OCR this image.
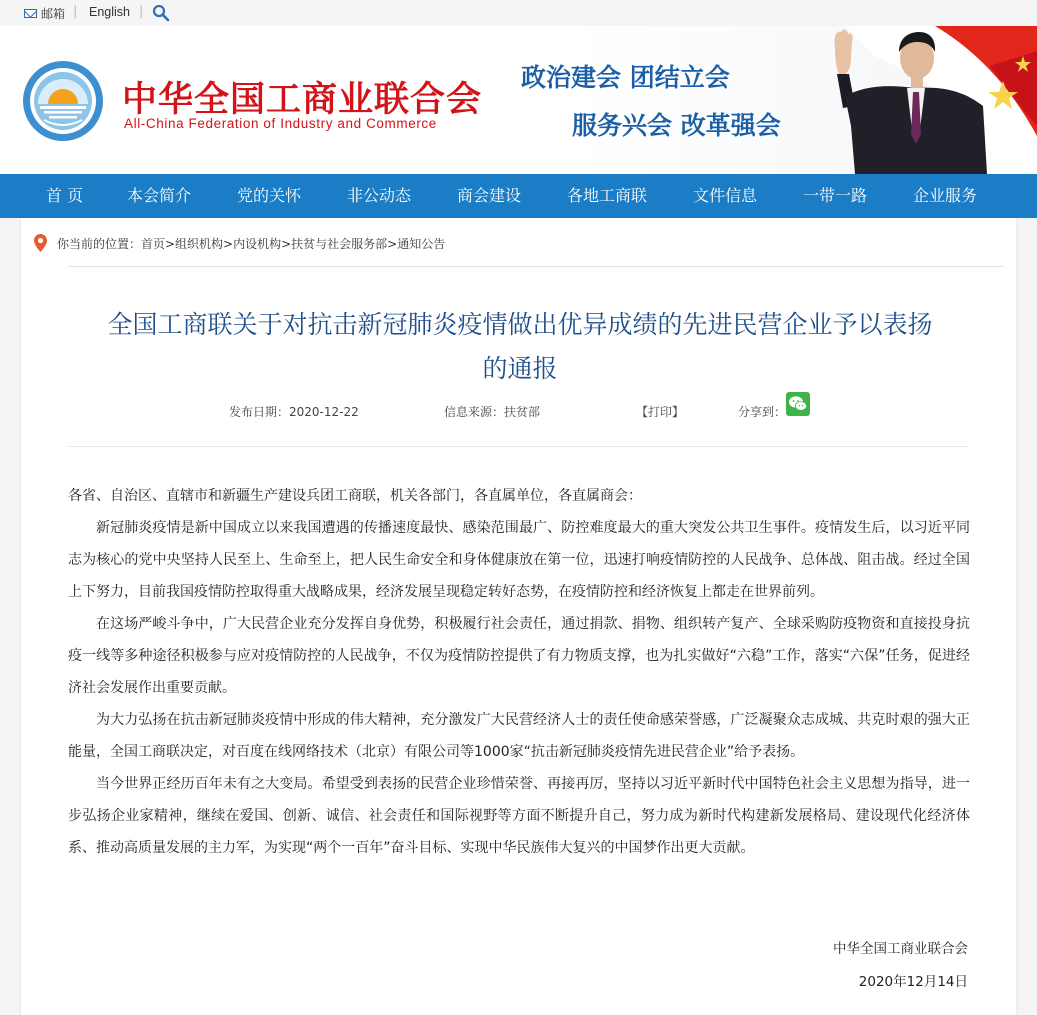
邮箱 | English |
中华全国工商业联合会
All-China Federation of Industry and Commerce
政治建会 团结立会
服务兴会 改革强会
首 页	本会简介	党的关怀	非公动态	商会建设	各地工商联	文件信息	一带一路	企业服务
你当前的位置：首页>组织机构>内设机构>扶贫与社会服务部>通知公告
全国工商联关于对抗击新冠肺炎疫情做出优异成绩的先进民营企业予以表扬
的通报
发布日期：2020-12-22	信息来源：扶贫部	【打印】	分享到：

各省、自治区、直辖市和新疆生产建设兵团工商联，机关各部门，各直属单位，各直属商会：

新冠肺炎疫情是新中国成立以来我国遭遇的传播速度最快、感染范围最广、防控难度最大的重大突发公共卫生事件。疫情发生后，以习近平同志为核心的党中央坚持人民至上、生命至上，把人民生命安全和身体健康放在第一位，迅速打响疫情防控的人民战争、总体战、阻击战。经过全国上下努力，目前我国疫情防控取得重大战略成果，经济发展呈现稳定转好态势，在疫情防控和经济恢复上都走在世界前列。

在这场严峻斗争中，广大民营企业充分发挥自身优势，积极履行社会责任，通过捐款、捐物、组织转产复产、全球采购防疫物资和直接投身抗疫一线等多种途径积极参与应对疫情防控的人民战争，不仅为疫情防控提供了有力物质支撑，也为扎实做好“六稳”工作，落实“六保”任务，促进经济社会发展作出重要贡献。

为大力弘扬在抗击新冠肺炎疫情中形成的伟大精神，充分激发广大民营经济人士的责任使命感荣誉感，广泛凝聚众志成城、共克时艰的强大正能量，全国工商联决定，对百度在线网络技术（北京）有限公司等1000家“抗击新冠肺炎疫情先进民营企业”给予表扬。

当今世界正经历百年未有之大变局。希望受到表扬的民营企业珍惜荣誉、再接再厉，坚持以习近平新时代中国特色社会主义思想为指导，进一步弘扬企业家精神，继续在爱国、创新、诚信、社会责任和国际视野等方面不断提升自己，努力成为新时代构建新发展格局、建设现代化经济体系、推动高质量发展的主力军，为实现“两个一百年”奋斗目标、实现中华民族伟大复兴的中国梦作出更大贡献。

中华全国工商业联合会
2020年12月14日
